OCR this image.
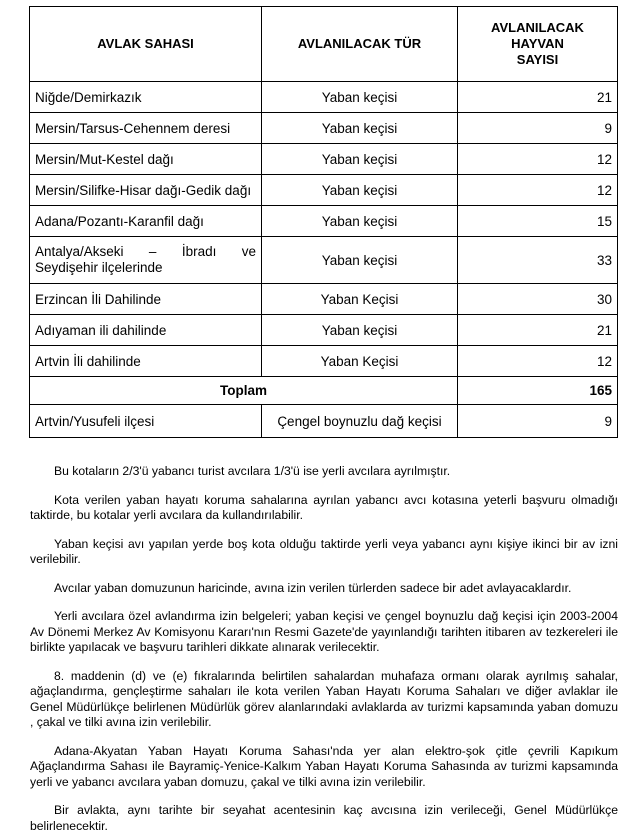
AVLAK SAHASI	AVLANILACAK TÜR	AVLANILACAK
HAYVAN
SAYISI

Niğde/Demirkazık	Yaban keçisi	21
Mersin/Tarsus-Cehennem deresi	Yaban keçisi	9
Mersin/Mut-Kestel dağı	Yaban keçisi	12
Mersin/Silifke-Hisar dağı-Gedik dağı	Yaban keçisi	12
Adana/Pozantı-Karanfil dağı	Yaban keçisi	15

Antalya/Akseki – İbradı ve
Seydişehir ilçelerinde	Yaban keçisi	33
Erzincan İli Dahilinde	Yaban Keçisi	30
Adıyaman ili dahilinde	Yaban keçisi	21
Artvin İli dahilinde	Yaban Keçisi	12
Toplam		165
Artvin/Yusufeli ilçesi	Çengel boynuzlu dağ keçisi	9

Bu kotaların 2/3'ü yabancı turist avcılara 1/3'ü ise yerli avcılara ayrılmıştır.

Kota verilen yaban hayatı koruma sahalarına ayrılan yabancı avcı kotasına yeterli başvuru olmadığı taktirde, bu kotalar yerli avcılara da kullandırılabilir.

Yaban keçisi avı yapılan yerde boş kota olduğu taktirde yerli veya yabancı aynı kişiye ikinci bir av izni verilebilir.

Avcılar yaban domuzunun haricinde, avına izin verilen türlerden sadece bir adet avlayacaklardır.

Yerli avcılara özel avlandırma izin belgeleri; yaban keçisi ve çengel boynuzlu dağ keçisi için 2003-2004 Av Dönemi Merkez Av Komisyonu Kararı'nın Resmi Gazete'de yayınlandığı tarihten itibaren av tezkereleri ile birlikte yapılacak ve başvuru tarihleri dikkate alınarak verilecektir.

8. maddenin (d) ve (e) fıkralarında belirtilen sahalardan muhafaza ormanı olarak ayrılmış sahalar, ağaçlandırma, gençleştirme sahaları ile kota verilen Yaban Hayatı Koruma Sahaları ve diğer avlaklar ile Genel Müdürlükçe belirlenen Müdürlük görev alanlarındaki avlaklarda av turizmi kapsamında yaban domuzu , çakal ve tilki avına izin verilebilir.

Adana-Akyatan Yaban Hayatı Koruma Sahası'nda yer alan elektro-şok çitle çevrili Kapıkum Ağaçlandırma Sahası ile Bayramiç-Yenice-Kalkım Yaban Hayatı Koruma Sahasında av turizmi kapsamında yerli ve yabancı avcılara yaban domuzu, çakal ve tilki avına izin verilebilir.

Bir avlakta, aynı tarihte bir seyahat acentesinin kaç avcısına izin verileceği, Genel Müdürlükçe belirlenecektir.
